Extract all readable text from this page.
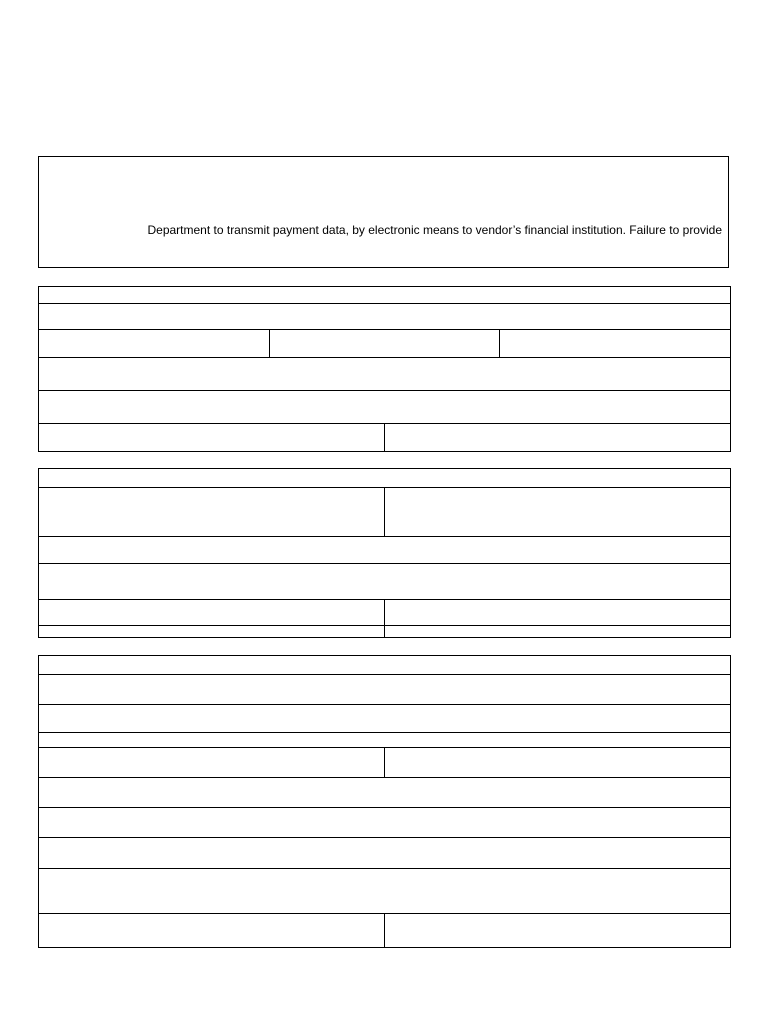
Department to transmit payment data, by electronic means to vendor’s financial institution. Failure to provide
